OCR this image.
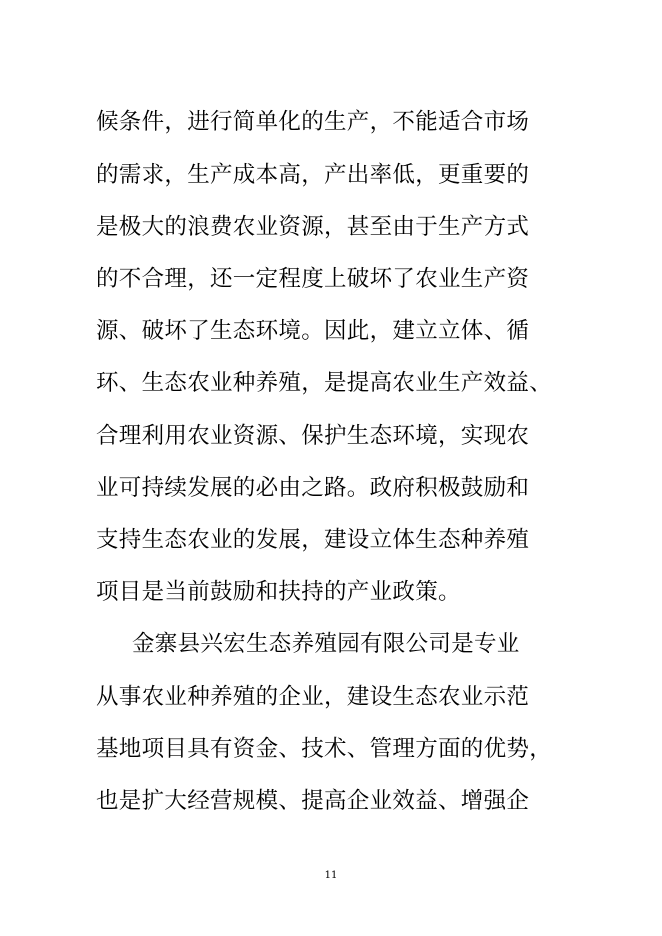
候条件，进行简单化的生产，不能适合市场
的需求，生产成本高，产出率低，更重要的
是极大的浪费农业资源，甚至由于生产方式
的不合理，还一定程度上破坏了农业生产资
源、破坏了生态环境。因此，建立立体、循
环、生态农业种养殖，是提高农业生产效益、
合理利用农业资源、保护生态环境，实现农
业可持续发展的必由之路。政府积极鼓励和
支持生态农业的发展，建设立体生态种养殖
项目是当前鼓励和扶持的产业政策。
金寨县兴宏生态养殖园有限公司是专业
从事农业种养殖的企业，建设生态农业示范
基地项目具有资金、技术、管理方面的优势，
也是扩大经营规模、提高企业效益、增强企
11
